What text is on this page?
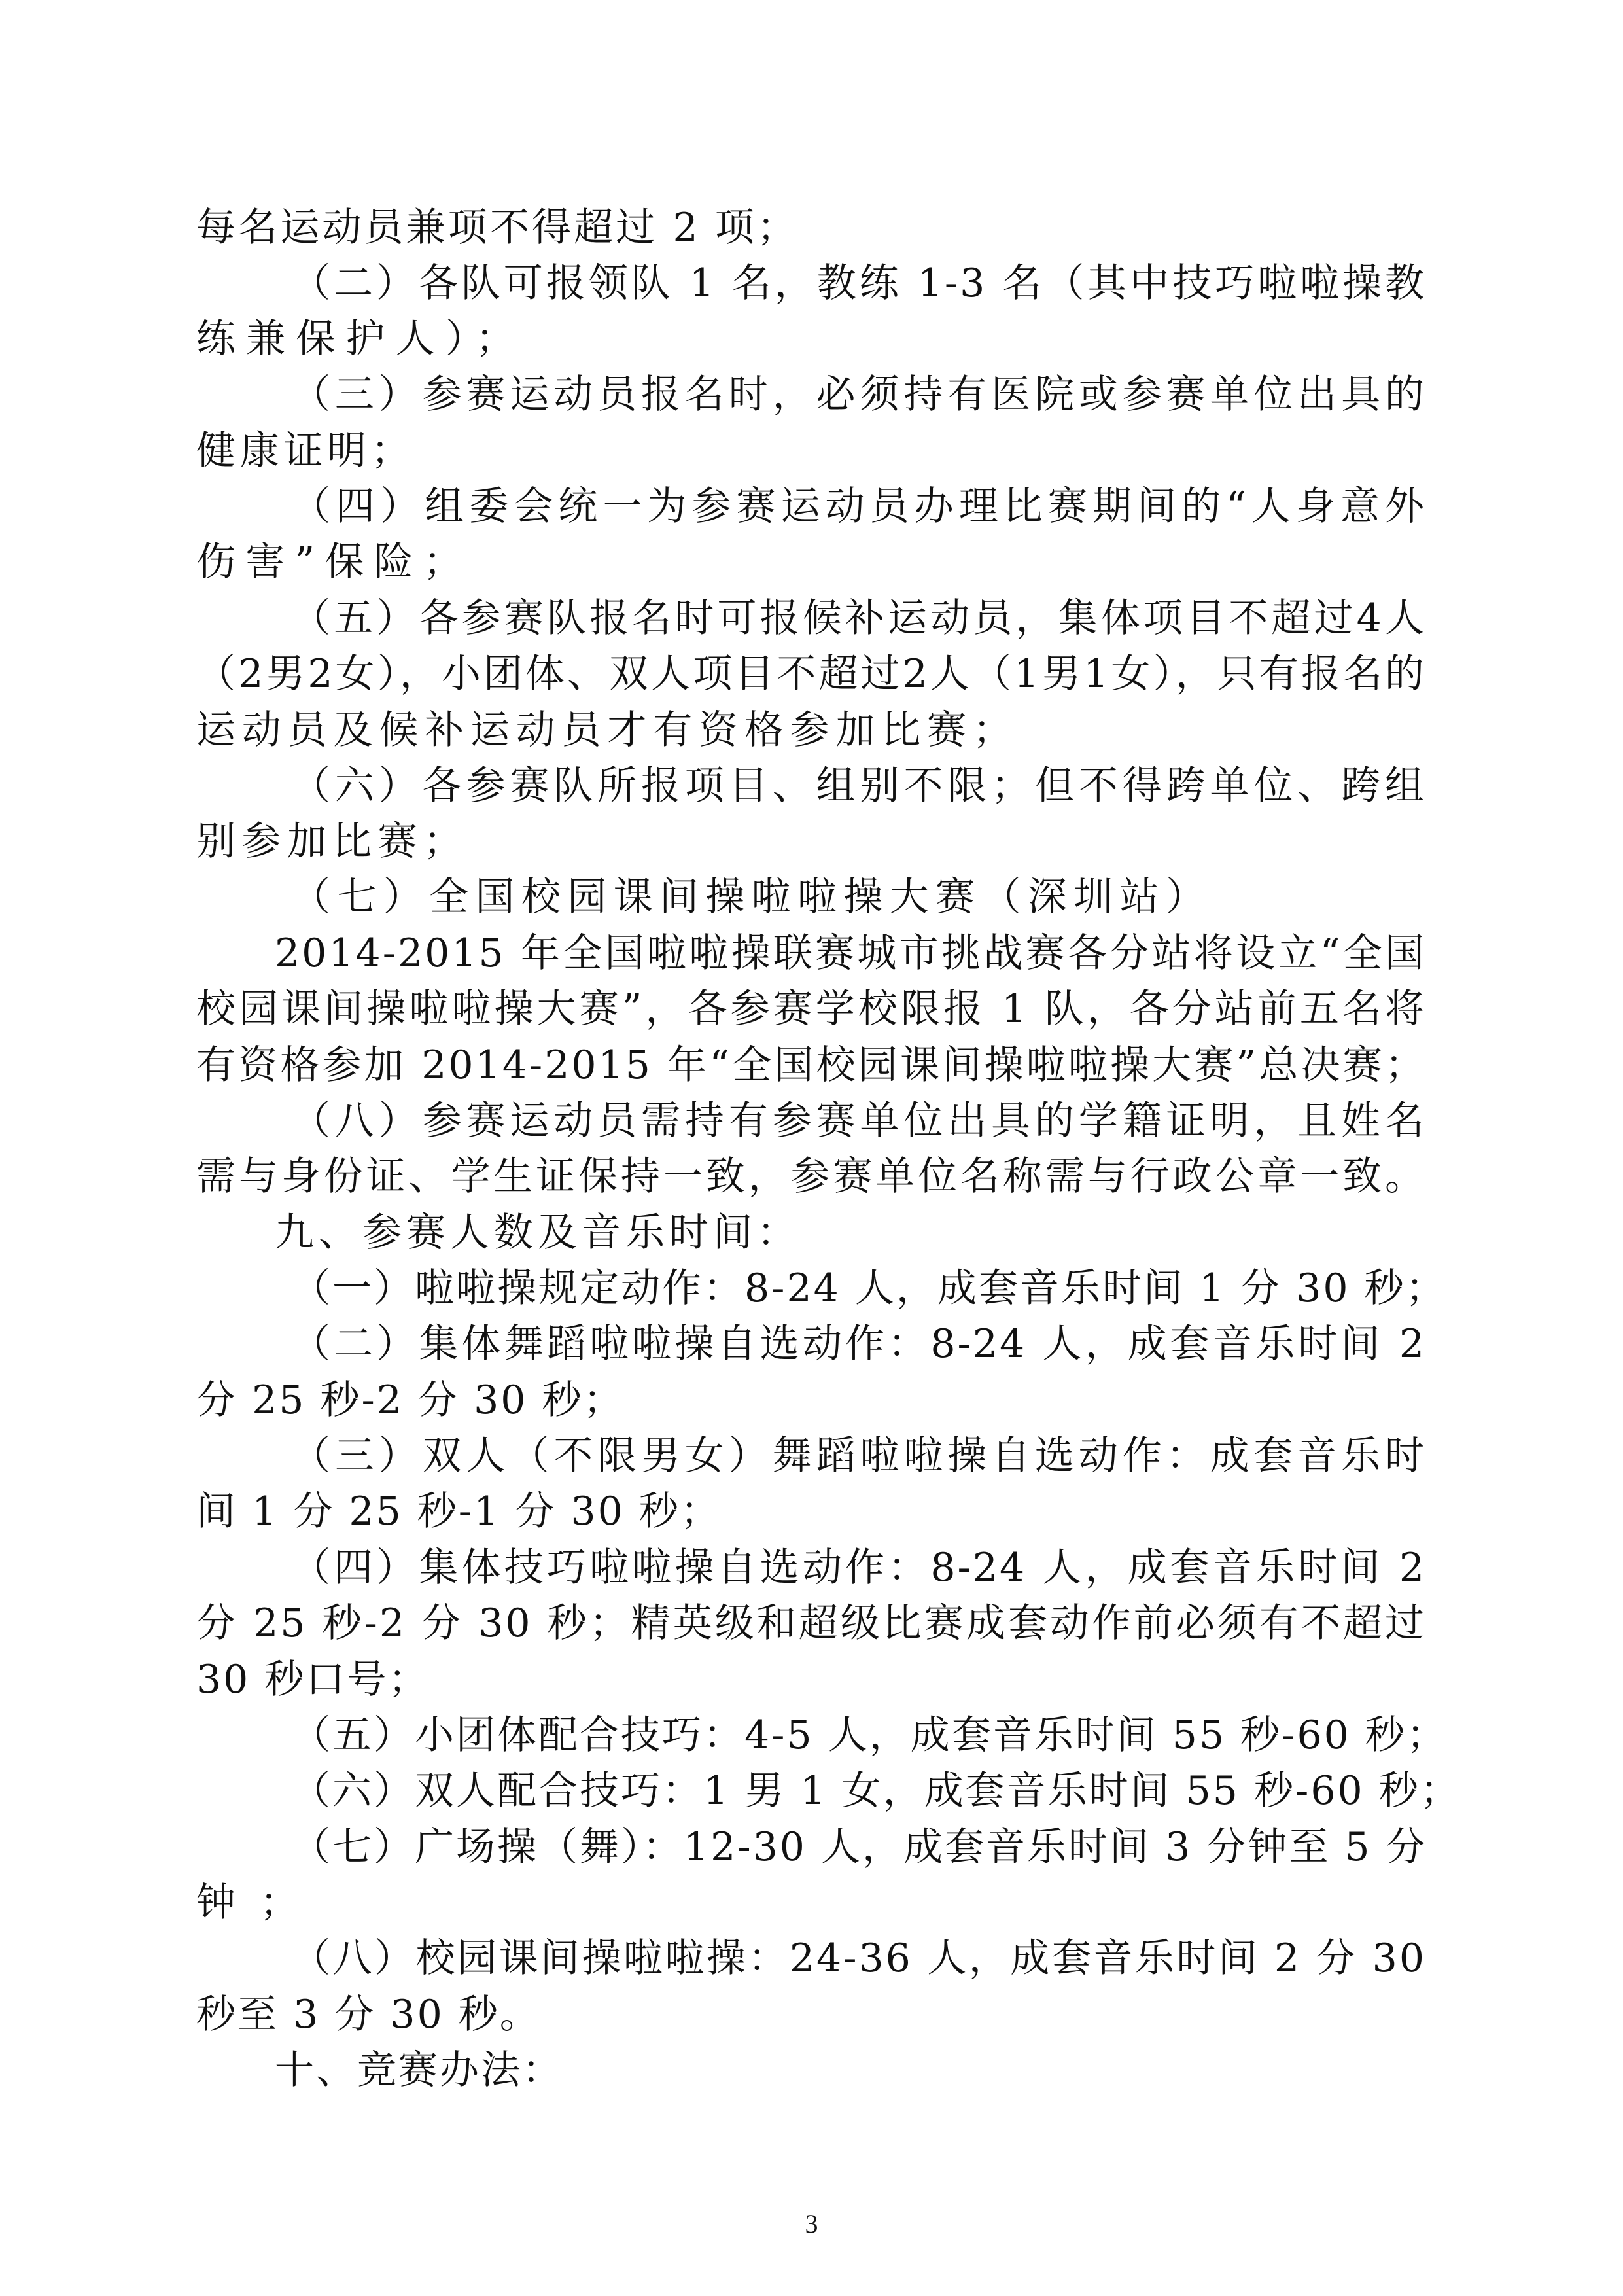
每名运动员兼项不得超过 2 项；
（二）各队可报领队 1 名，教练 1-3 名（其中技巧啦啦操教
练兼保护人）；
（三）参赛运动员报名时，必须持有医院或参赛单位出具的
健康证明；
（四）组委会统一为参赛运动员办理比赛期间的“人身意外
伤害”保险；
（五）各参赛队报名时可报候补运动员，集体项目不超过4人
（2男2女），小团体、双人项目不超过2人（1男1女），只有报名的
运动员及候补运动员才有资格参加比赛；
（六）各参赛队所报项目、组别不限；但不得跨单位、跨组
别参加比赛；
（七）全国校园课间操啦啦操大赛（深圳站）
2014-2015 年全国啦啦操联赛城市挑战赛各分站将设立“全国
校园课间操啦啦操大赛”，各参赛学校限报 1 队，各分站前五名将
有资格参加 2014-2015 年“全国校园课间操啦啦操大赛”总决赛；
（八）参赛运动员需持有参赛单位出具的学籍证明，且姓名
需与身份证、学生证保持一致，参赛单位名称需与行政公章一致。
九、参赛人数及音乐时间：
（一）啦啦操规定动作：8-24 人，成套音乐时间 1 分 30 秒；
（二）集体舞蹈啦啦操自选动作：8-24 人，成套音乐时间 2
分 25 秒-2 分 30 秒；
（三）双人（不限男女）舞蹈啦啦操自选动作：成套音乐时
间 1 分 25 秒-1 分 30 秒；
（四）集体技巧啦啦操自选动作：8-24 人，成套音乐时间 2
分 25 秒-2 分 30 秒；精英级和超级比赛成套动作前必须有不超过
30 秒口号；
（五）小团体配合技巧：4-5 人，成套音乐时间 55 秒-60 秒；
（六）双人配合技巧：1 男 1 女，成套音乐时间 55 秒-60 秒；
（七）广场操（舞）：12-30 人，成套音乐时间 3 分钟至 5 分
钟；
（八）校园课间操啦啦操：24-36 人，成套音乐时间 2 分 30
秒至 3 分 30 秒。
十、竞赛办法：
3
